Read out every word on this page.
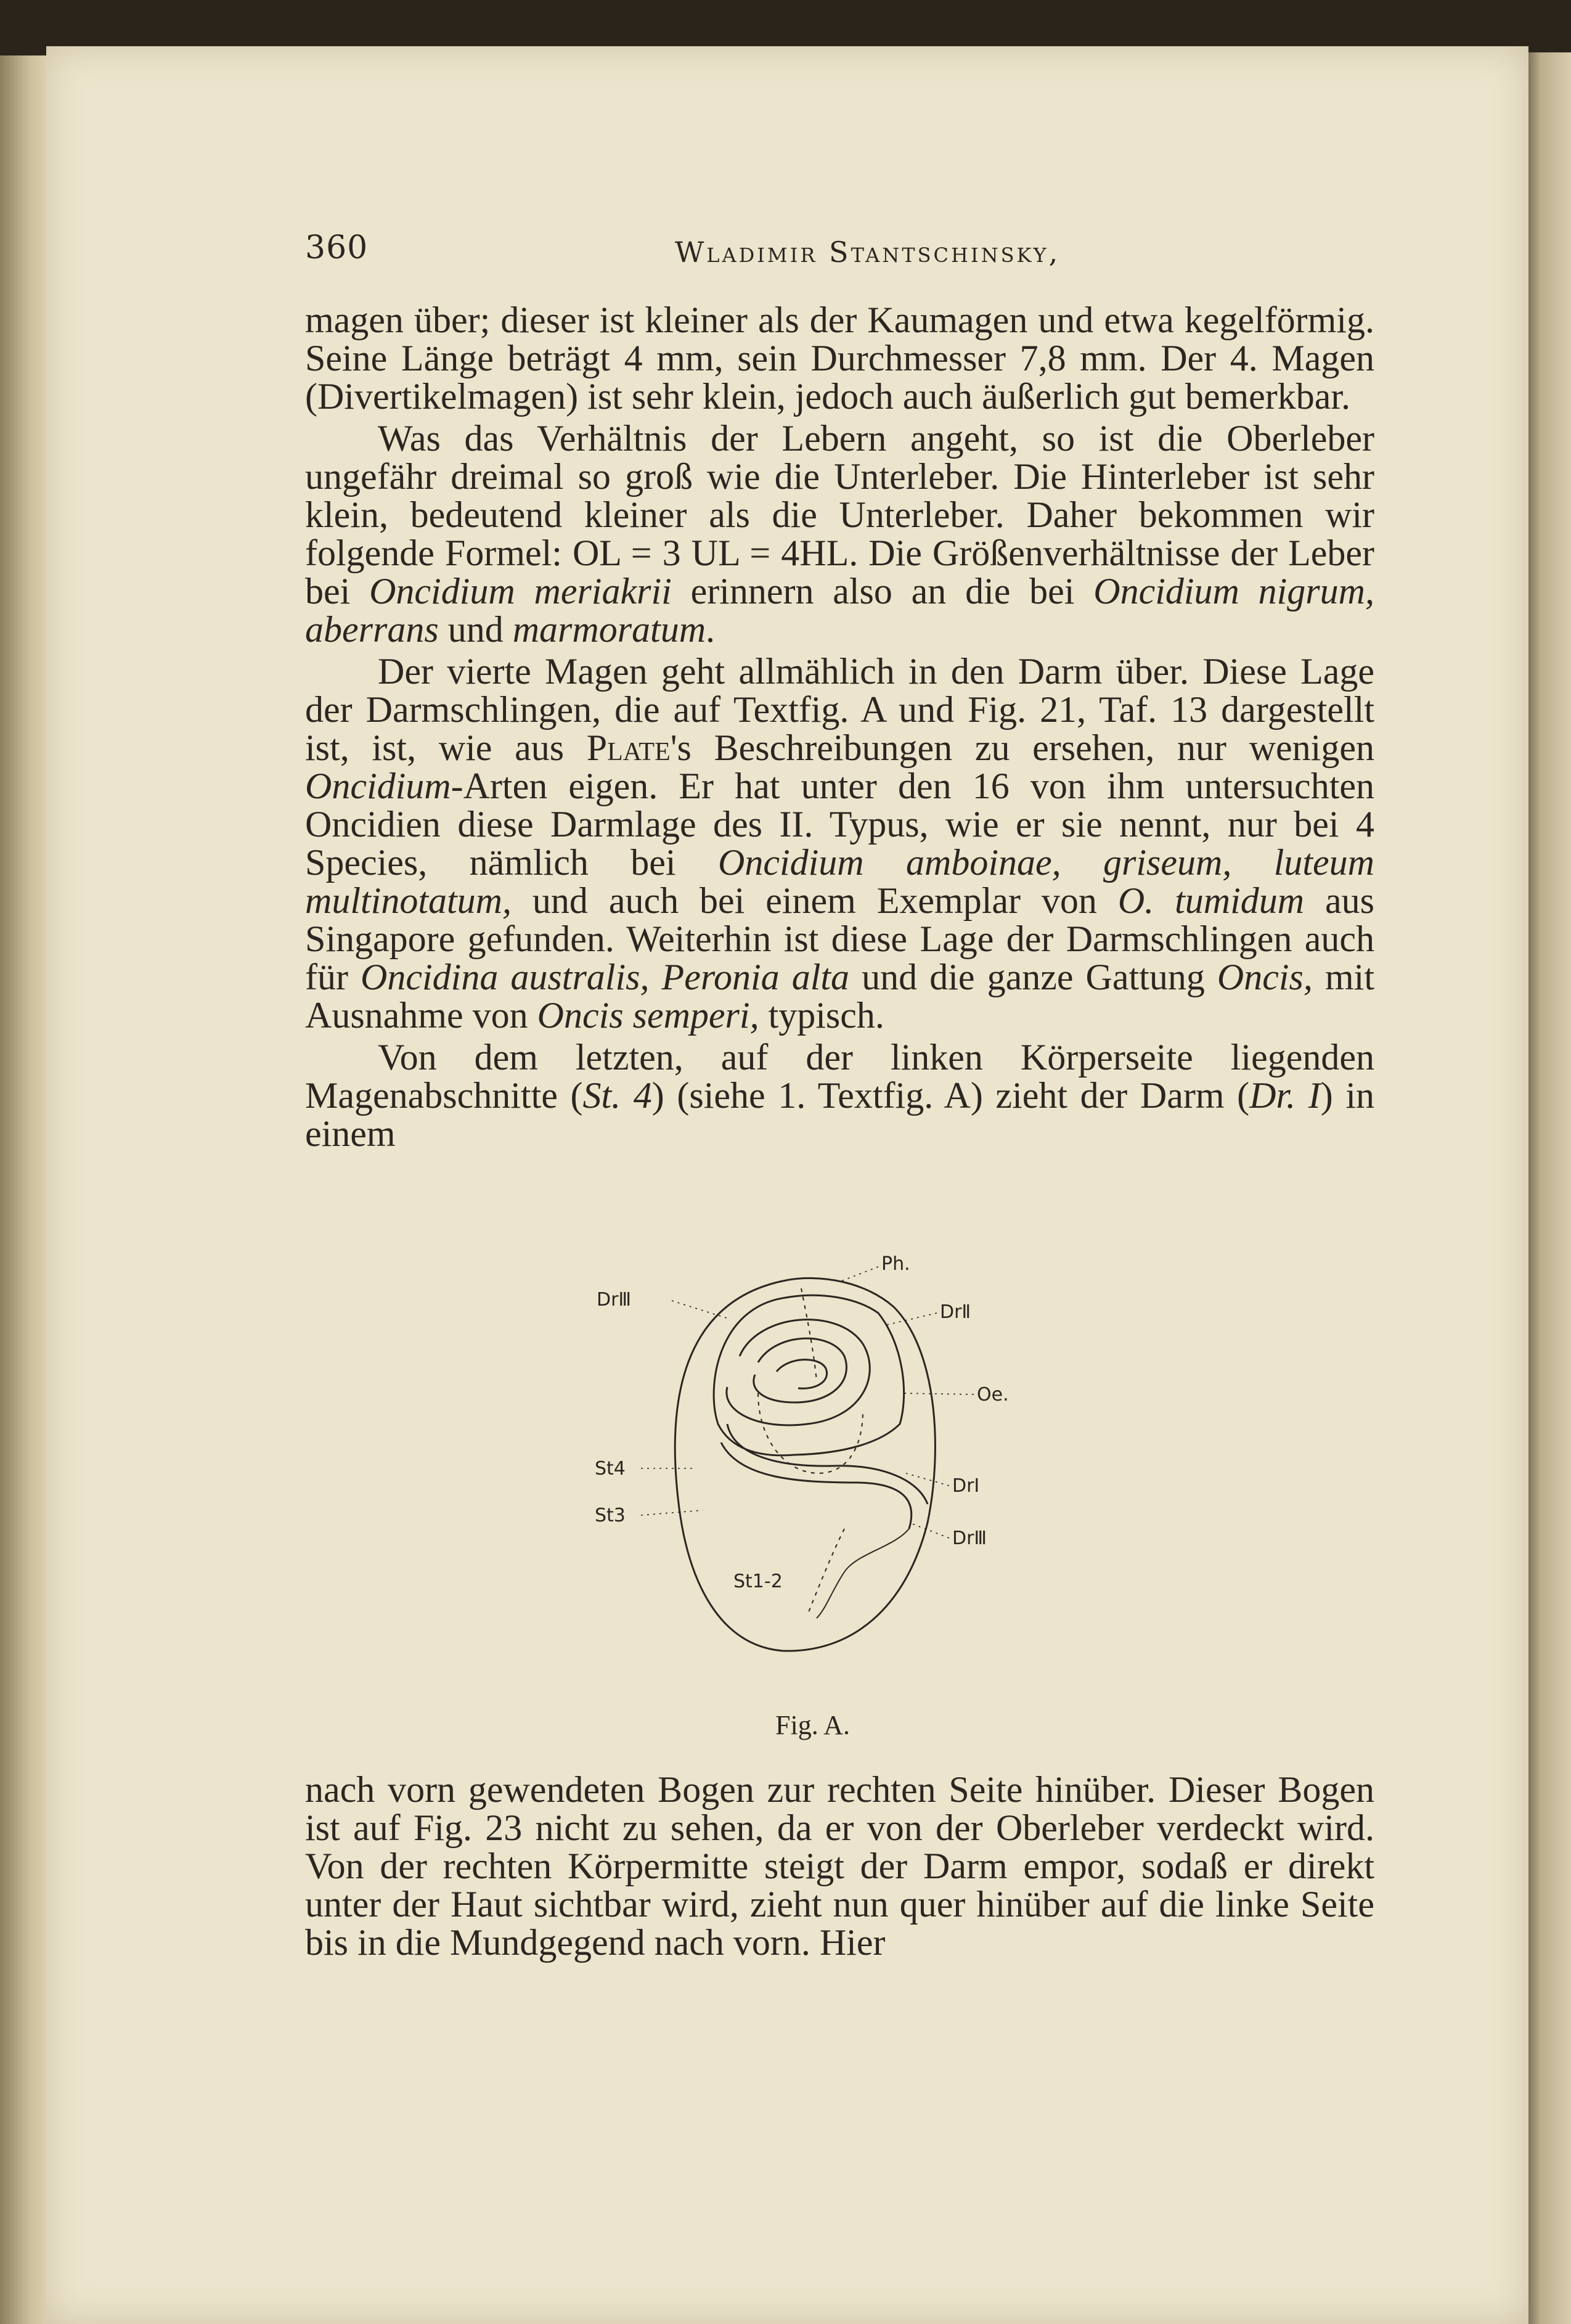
360	Wladimir Stantschinsky,

magen über; dieser ist kleiner als der Kaumagen und etwa kegelförmig. Seine Länge beträgt 4 mm, sein Durchmesser 7,8 mm. Der 4. Magen (Divertikelmagen) ist sehr klein, jedoch auch äußerlich gut bemerkbar.

Was das Verhältnis der Lebern angeht, so ist die Oberleber ungefähr dreimal so groß wie die Unterleber. Die Hinterleber ist sehr klein, bedeutend kleiner als die Unterleber. Daher bekommen wir folgende Formel: OL = 3 UL = 4HL. Die Größenverhältnisse der Leber bei Oncidium meriakrii erinnern also an die bei Oncidium nigrum, aberrans und marmoratum.

Der vierte Magen geht allmählich in den Darm über. Diese Lage der Darmschlingen, die auf Textfig. A und Fig. 21, Taf. 13 dargestellt ist, ist, wie aus Plate's Beschreibungen zu ersehen, nur wenigen Oncidium-Arten eigen. Er hat unter den 16 von ihm untersuchten Oncidien diese Darmlage des II. Typus, wie er sie nennt, nur bei 4 Species, nämlich bei Oncidium amboinae, griseum, luteum multinotatum, und auch bei einem Exemplar von O. tumidum aus Singapore gefunden. Weiterhin ist diese Lage der Darmschlingen auch für Oncidina australis, Peronia alta und die ganze Gattung Oncis, mit Ausnahme von Oncis semperi, typisch.

Von dem letzten, auf der linken Körperseite liegenden Magenabschnitte (St. 4) (siehe 1. Textfig. A) zieht der Darm (Dr. I) in einem

Ph.
DrⅢ
DrⅡ
Oe.
St4
DrI
St3
DrⅢ
St1-2
Fig. A.

nach vorn gewendeten Bogen zur rechten Seite hinüber. Dieser Bogen ist auf Fig. 23 nicht zu sehen, da er von der Oberleber verdeckt wird. Von der rechten Körpermitte steigt der Darm empor, sodaß er direkt unter der Haut sichtbar wird, zieht nun quer hinüber auf die linke Seite bis in die Mundgegend nach vorn. Hier
